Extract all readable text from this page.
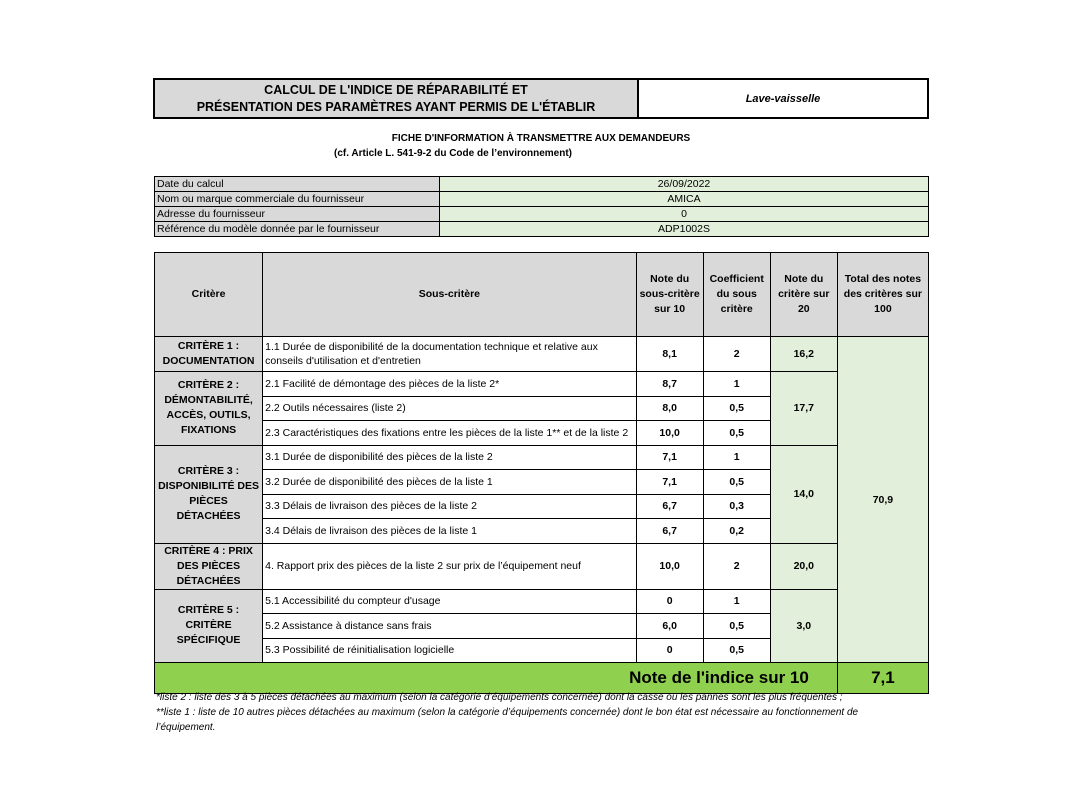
CALCUL DE L'INDICE DE RÉPARABILITÉ ET
PRÉSENTATION DES PARAMÈTRES AYANT PERMIS DE L'ÉTABLIR
Lave-vaisselle
FICHE D'INFORMATION À TRANSMETTRE AUX DEMANDEURS
(cf. Article L. 541-9-2 du Code de l’environnement)
Date du calcul	26/09/2022
Nom ou marque commerciale du fournisseur	AMICA
Adresse du fournisseur	0
Référence du modèle donnée par le fournisseur	ADP1002S
Critère	Sous-critère	Note du sous-critère sur 10	Coefficient du sous critère	Note du critère sur 20	Total des notes des critères sur 100
CRITÈRE 1 : DOCUMENTATION	1.1 Durée de disponibilité de la documentation technique et relative aux conseils d'utilisation et d'entretien	8,1	2	16,2	70,9
CRITÈRE 2 : DÉMONTABILITÉ, ACCÈS, OUTILS, FIXATIONS	2.1 Facilité de démontage des pièces de la liste 2*	8,7	1	17,7	
	2.2 Outils nécessaires (liste 2)	8,0	0,5		
	2.3 Caractéristiques des fixations entre les pièces de la liste 1** et de la liste 2	10,0	0,5		
CRITÈRE 3 : DISPONIBILITÉ DES PIÈCES DÉTACHÉES	3.1 Durée de disponibilité des pièces de la liste 2	7,1	1	14,0	
	3.2 Durée de disponibilité des pièces de la liste 1	7,1	0,5		
	3.3 Délais de livraison des pièces de la liste 2	6,7	0,3		
	3.4 Délais de livraison des pièces de la liste 1	6,7	0,2		
CRITÈRE 4 : PRIX DES PIÈCES DÉTACHÉES	4. Rapport prix des pièces de la liste 2 sur prix de l’équipement neuf	10,0	2	20,0	
CRITÈRE 5 : CRITÈRE SPÉCIFIQUE	5.1 Accessibilité du compteur d'usage	0	1	3,0	
	5.2 Assistance à distance sans frais	6,0	0,5		
	5.3 Possibilité de réinitialisation logicielle	0	0,5		
Note de l'indice sur 10					7,1
*liste 2 : liste des 3 à 5 pièces détachées au maximum (selon la catégorie d’équipements concernée) dont la casse ou les pannes sont les plus fréquentes ;
**liste 1 : liste de 10 autres pièces détachées au maximum (selon la catégorie d’équipements concernée) dont le bon état est nécessaire au fonctionnement de l’équipement.
